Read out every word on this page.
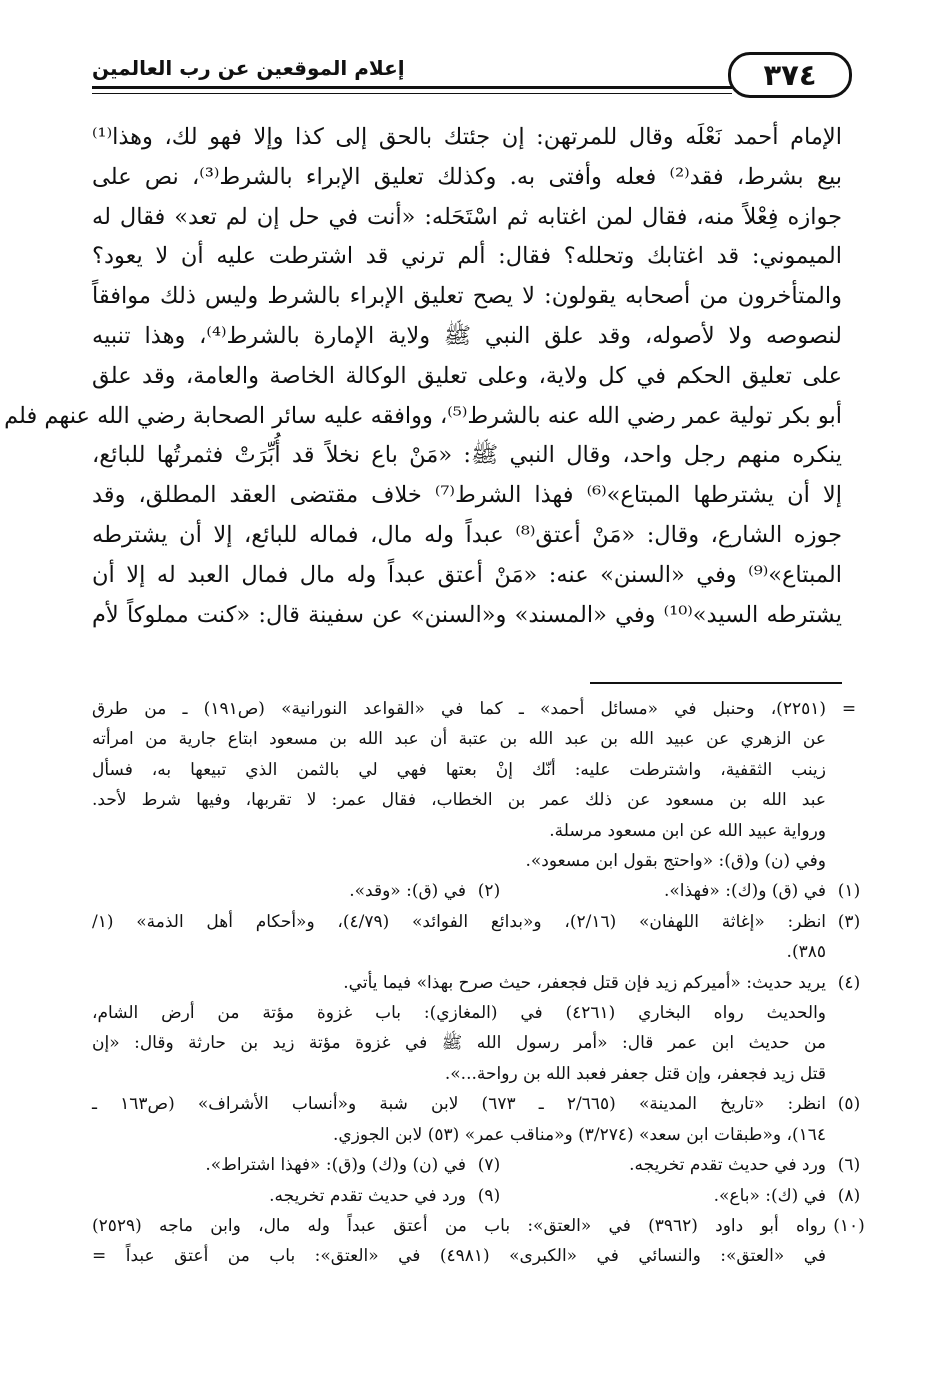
٣٧٤
إعلام الموقعين عن رب العالمين
الإمام أحمد نَعْلَه وقال للمرتهن: إن جئتك بالحق إلى كذا وإلا فهو لك، وهذا⁽¹⁾
بيع بشرط، فقد⁽²⁾ فعله وأفتى به. وكذلك تعليق الإبراء بالشرط⁽³⁾، نص على
جوازه فِعْلاً منه، فقال لمن اغتابه ثم اسْتَحَله: «أنت في حل إن لم تعد» فقال له
الميموني: قد اغتابك وتحلله؟ فقال: ألم ترني قد اشترطت عليه أن لا يعود؟
والمتأخرون من أصحابه يقولون: لا يصح تعليق الإبراء بالشرط وليس ذلك موافقاً
لنصوصه ولا لأصوله، وقد علق النبي ﷺ ولاية الإمارة بالشرط⁽⁴⁾، وهذا تنبيه
على تعليق الحكم في كل ولاية، وعلى تعليق الوكالة الخاصة والعامة، وقد علق
أبو بكر تولية عمر رضي الله عنه بالشرط⁽⁵⁾، ووافقه عليه سائر الصحابة رضي الله عنهم فلم
ينكره منهم رجل واحد، وقال النبي ﷺ: «مَنْ باع نخلاً قد أُبِّرَتْ فثمرتُها للبائع،
إلا أن يشترطها المبتاع»⁽⁶⁾ فهذا الشرط⁽⁷⁾ خلاف مقتضى العقد المطلق، وقد
جوزه الشارع، وقال: «مَنْ أعتق⁽⁸⁾ عبداً وله مال، فماله للبائع، إلا أن يشترطه
المبتاع»⁽⁹⁾ وفي «السنن» عنه: «مَنْ أعتق عبداً وله مال فمال العبد له إلا أن
يشترطه السيد»⁽¹⁰⁾ وفي «المسند» و«السنن» عن سفينة قال: «كنت مملوكاً لأم
=
(٢٢٥١)، وحنبل في «مسائل أحمد» ـ كما في «القواعد النورانية» (ص١٩١) ـ من طرق
عن الزهري عن عبيد الله بن عبد الله بن عتبة أن عبد الله بن مسعود ابتاع جارية من امرأته
زينب الثقفية، واشترطت عليه: أنّك إنْ بعتها فهي لي بالثمن الذي تبيعها به، فسأل
عبد الله بن مسعود عن ذلك عمر بن الخطاب، فقال عمر: لا تقربها، وفيها شرط لأحد.
ورواية عبيد الله عن ابن مسعود مرسلة.
وفي (ن) و(ق): «واحتج بقول ابن مسعود».
(١)
في (ق) و(ك): «فهذا».
(٢)
في (ق): «وقد».
(٣)
انظر: «إغاثة اللهفان» (٢/١٦)، و«بدائع الفوائد» (٤/٧٩)، و«أحكام أهل الذمة» (١/
٣٨٥).
(٤)
يريد حديث: «أميركم زيد فإن قتل فجعفر، حيث صرح بهذا» فيما يأتي.
والحديث رواه البخاري (٤٢٦١) في (المغازي): باب غزوة مؤتة من أرض الشام،
من حديث ابن عمر قال: «أمر رسول الله ﷺ في غزوة مؤتة زيد بن حارثة وقال: «إن
قتل زيد فجعفر، وإن قتل جعفر فعبد الله بن رواحة...».
(٥)
انظر: «تاريخ المدينة» (٢/٦٦٥ ـ ٦٧٣) لابن شبة و«أنساب الأشراف» (ص١٦٣ ـ
١٦٤)، و«طبقات ابن سعد» (٣/٢٧٤) و«مناقب عمر» (٥٣) لابن الجوزي.
(٦)
ورد في حديث تقدم تخريجه.
(٧)
في (ن) و(ك) و(ق): «فهذا اشتراط».
(٨)
في (ك): «باع».
(٩)
ورد في حديث تقدم تخريجه.
(١٠)
رواه أبو داود (٣٩٦٢) في «العتق»: باب من أعتق عبداً وله مال، وابن ماجه (٢٥٢٩)
في «العتق»: والنسائي في «الكبرى» (٤٩٨١) في «العتق»: باب من أعتق عبداً =
